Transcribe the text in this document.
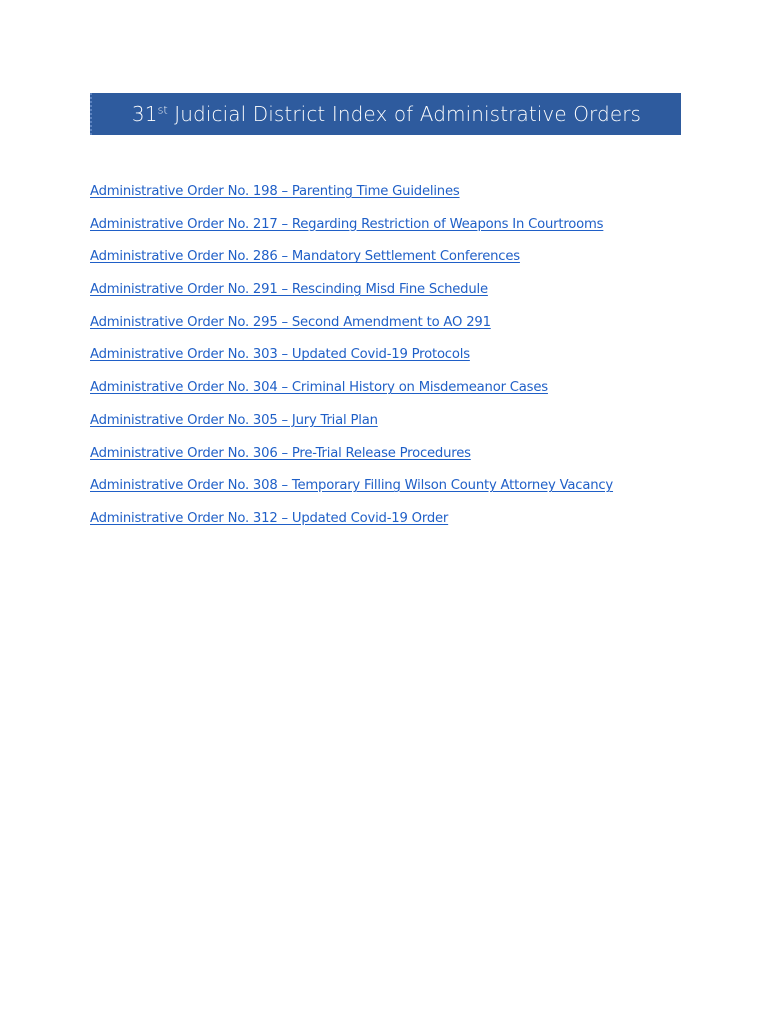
31st Judicial District Index of Administrative Orders
Administrative Order No. 198 – Parenting Time Guidelines
Administrative Order No. 217 – Regarding Restriction of Weapons In Courtrooms
Administrative Order No. 286 – Mandatory Settlement Conferences
Administrative Order No. 291 – Rescinding Misd Fine Schedule
Administrative Order No. 295 – Second Amendment to AO 291
Administrative Order No. 303 – Updated Covid-19 Protocols
Administrative Order No. 304 – Criminal History on Misdemeanor Cases
Administrative Order No. 305 – Jury Trial Plan
Administrative Order No. 306 – Pre-Trial Release Procedures
Administrative Order No. 308 – Temporary Filling Wilson County Attorney Vacancy
Administrative Order No. 312 – Updated Covid-19 Order
